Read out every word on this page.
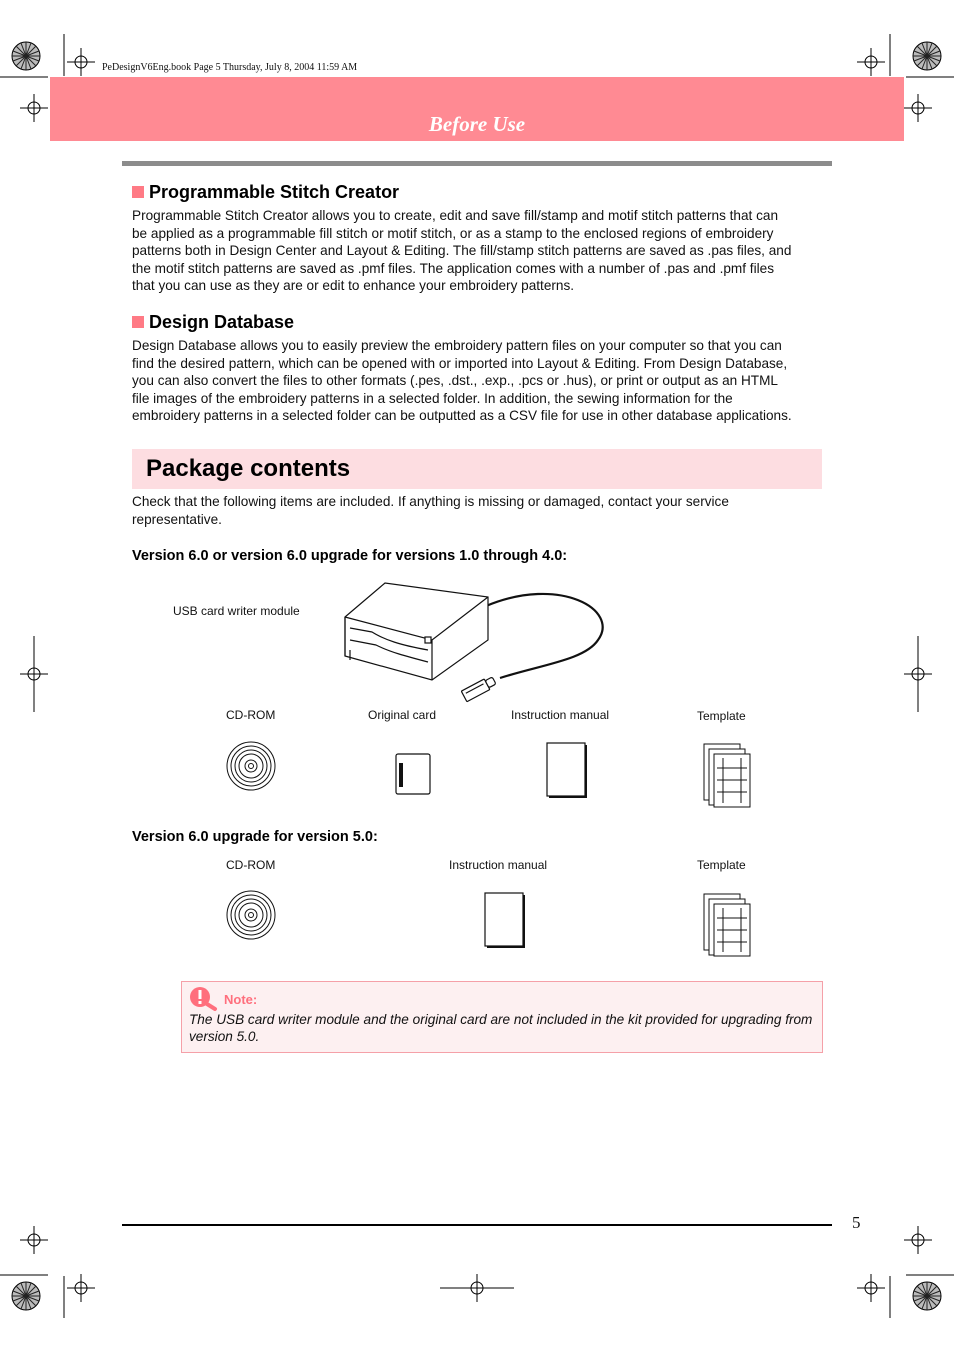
PeDesignV6Eng.book Page 5 Thursday, July 8, 2004 11:59 AM
Before Use
Programmable Stitch Creator
Programmable Stitch Creator allows you to create, edit and save fill/stamp and motif stitch patterns that can
be applied as a programmable fill stitch or motif stitch, or as a stamp to the enclosed regions of embroidery
patterns both in Design Center and Layout & Editing. The fill/stamp stitch patterns are saved as .pas files, and
the motif stitch patterns are saved as .pmf files. The application comes with a number of .pas and .pmf files
that you can use as they are or edit to enhance your embroidery patterns.
Design Database
Design Database allows you to easily preview the embroidery pattern files on your computer so that you can
find the desired pattern, which can be opened with or imported into Layout & Editing. From Design Database,
you can also convert the files to other formats (.pes, .dst., .exp., .pcs or .hus), or print or output as an HTML
file images of the embroidery patterns in a selected folder. In addition, the sewing information for the
embroidery patterns in a selected folder can be outputted as a CSV file for use in other database applications.
Package contents
Check that the following items are included. If anything is missing or damaged, contact your service
representative.
Version 6.0 or version 6.0 upgrade for versions 1.0 through 4.0:
USB card writer module
CD-ROM	Original card	Instruction manual	Template
Version 6.0 upgrade for version 5.0:
CD-ROM	Instruction manual	Template
Note:
The USB card writer module and the original card are not included in the kit provided for upgrading from
version 5.0.
5
